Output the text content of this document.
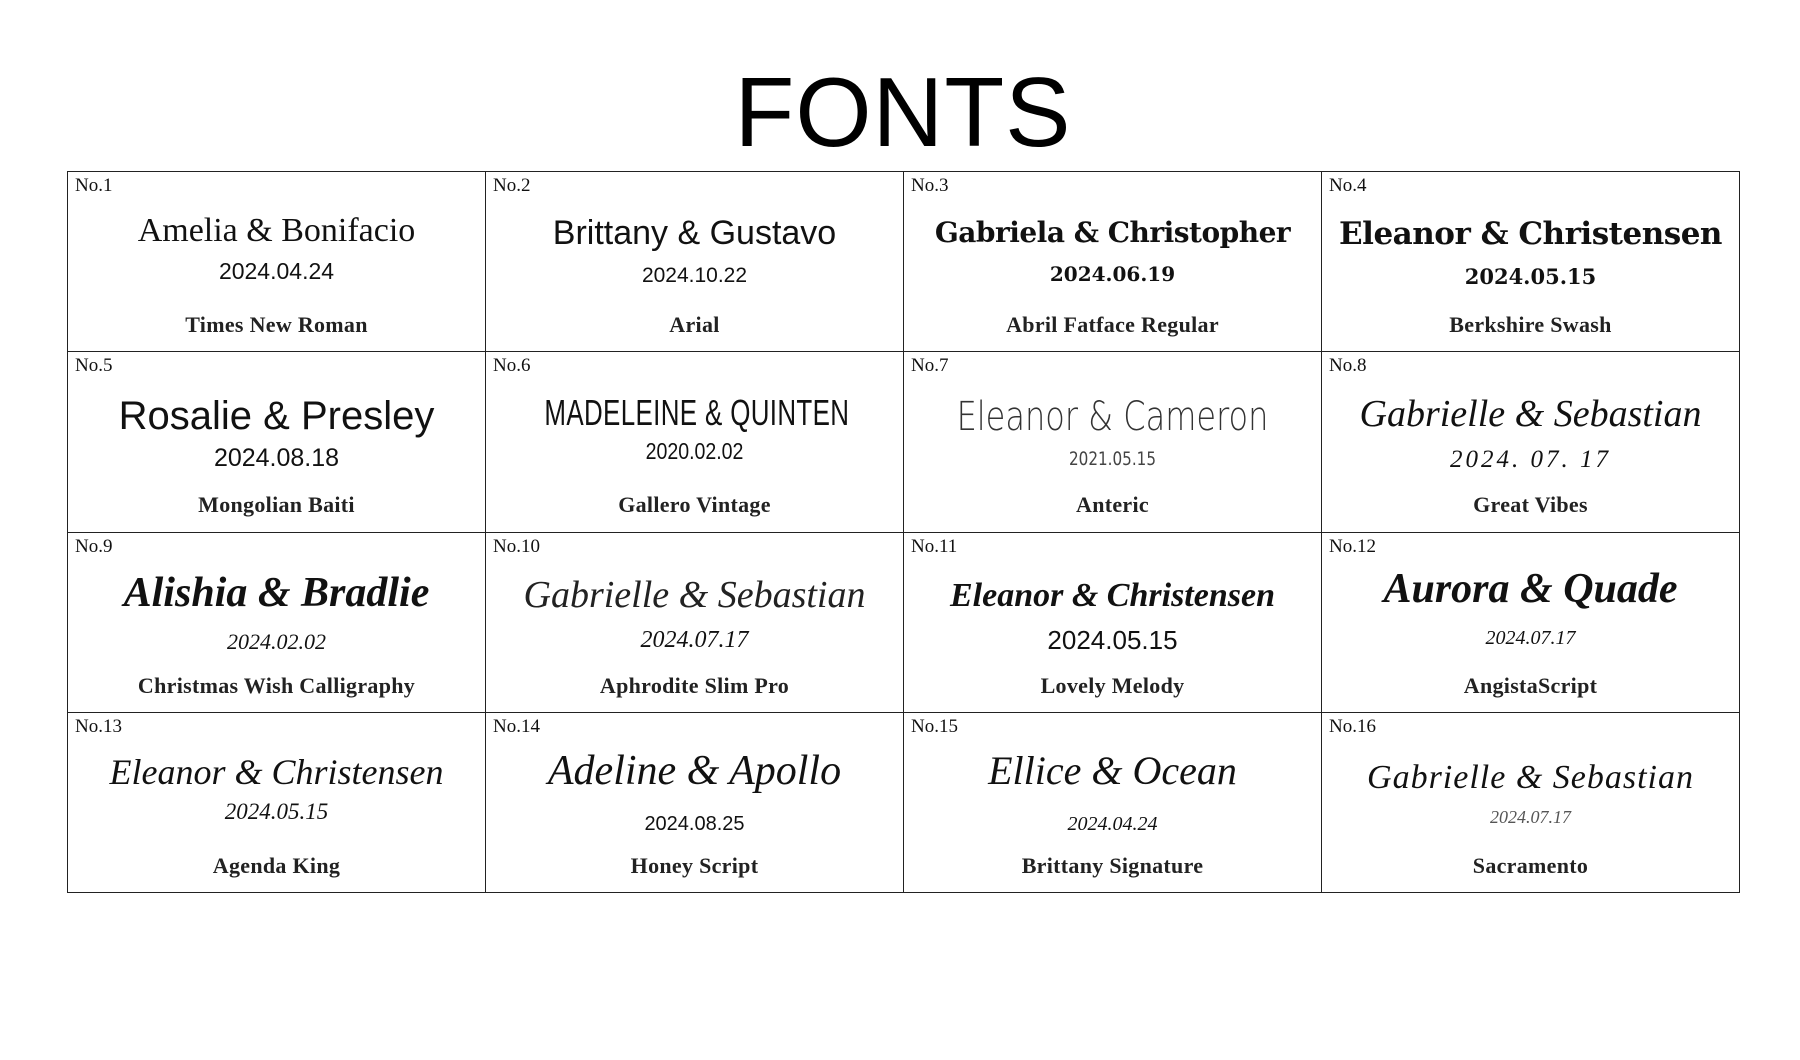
FONTS
No.1
Amelia & Bonifacio
2024.04.24
Times New Roman
No.2
Brittany & Gustavo
2024.10.22
Arial
No.3
Gabriela & Christopher
2024.06.19
Abril Fatface Regular
No.4
Eleanor & Christensen
2024.05.15
Berkshire Swash
No.5
Rosalie & Presley
2024.08.18
Mongolian Baiti
No.6
MADELEINE & QUINTEN
2020.02.02
Gallero Vintage
No.7
Eleanor & Cameron
2021.05.15
Anteric
No.8
Gabrielle & Sebastian
2024. 07. 17
Great Vibes
No.9
Alishia & Bradlie
2024.02.02
Christmas Wish Calligraphy
No.10
Gabrielle & Sebastian
2024.07.17
Aphrodite Slim Pro
No.11
Eleanor & Christensen
2024.05.15
Lovely Melody
No.12
Aurora & Quade
2024.07.17
AngistaScript
No.13
Eleanor & Christensen
2024.05.15
Agenda King
No.14
Adeline & Apollo
2024.08.25
Honey Script
No.15
Ellice & Ocean
2024.04.24
Brittany Signature
No.16
Gabrielle & Sebastian
2024.07.17
Sacramento
